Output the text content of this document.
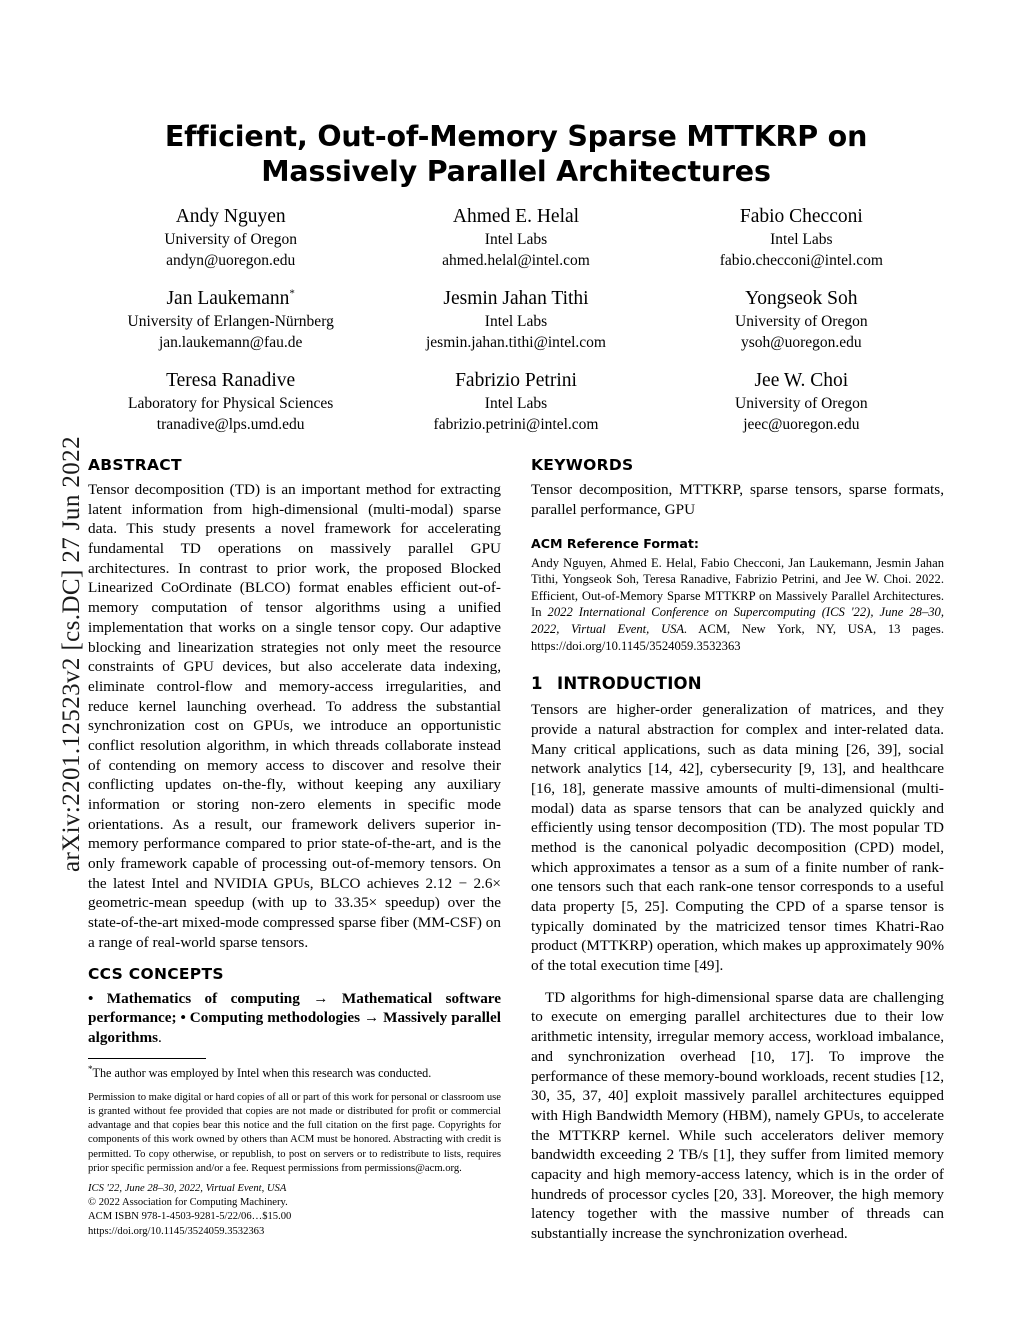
arXiv:2201.12523v2 [cs.DC] 27 Jun 2022
Efficient, Out-of-Memory Sparse MTTKRP on Massively Parallel Architectures
Andy Nguyen
University of Oregon
andyn@uoregon.edu
Ahmed E. Helal
Intel Labs
ahmed.helal@intel.com
Fabio Checconi
Intel Labs
fabio.checconi@intel.com
Jan Laukemann*
University of Erlangen-Nürnberg
jan.laukemann@fau.de
Jesmin Jahan Tithi
Intel Labs
jesmin.jahan.tithi@intel.com
Yongseok Soh
University of Oregon
ysoh@uoregon.edu
Teresa Ranadive
Laboratory for Physical Sciences
tranadive@lps.umd.edu
Fabrizio Petrini
Intel Labs
fabrizio.petrini@intel.com
Jee W. Choi
University of Oregon
jeec@uoregon.edu
ABSTRACT

Tensor decomposition (TD) is an important method for extracting latent information from high-dimensional (multi-modal) sparse data. This study presents a novel framework for accelerating fundamental TD operations on massively parallel GPU architectures. In contrast to prior work, the proposed Blocked Linearized CoOrdinate (BLCO) format enables efficient out-of-memory computation of tensor algorithms using a unified implementation that works on a single tensor copy. Our adaptive blocking and linearization strategies not only meet the resource constraints of GPU devices, but also accelerate data indexing, eliminate control-flow and memory-access irregularities, and reduce kernel launching overhead. To address the substantial synchronization cost on GPUs, we introduce an opportunistic conflict resolution algorithm, in which threads collaborate instead of contending on memory access to discover and resolve their conflicting updates on-the-fly, without keeping any auxiliary information or storing non-zero elements in specific mode orientations. As a result, our framework delivers superior in-memory performance compared to prior state-of-the-art, and is the only framework capable of processing out-of-memory tensors. On the latest Intel and NVIDIA GPUs, BLCO achieves 2.12 − 2.6× geometric-mean speedup (with up to 33.35× speedup) over the state-of-the-art mixed-mode compressed sparse fiber (MM-CSF) on a range of real-world sparse tensors.

CCS CONCEPTS

• Mathematics of computing → Mathematical software performance; • Computing methodologies → Massively parallel algorithms.

*The author was employed by Intel when this research was conducted.

Permission to make digital or hard copies of all or part of this work for personal or classroom use is granted without fee provided that copies are not made or distributed for profit or commercial advantage and that copies bear this notice and the full citation on the first page. Copyrights for components of this work owned by others than ACM must be honored. Abstracting with credit is permitted. To copy otherwise, or republish, to post on servers or to redistribute to lists, requires prior specific permission and/or a fee. Request permissions from permissions@acm.org.
ICS '22, June 28–30, 2022, Virtual Event, USA
© 2022 Association for Computing Machinery.
ACM ISBN 978-1-4503-9281-5/22/06…$15.00
https://doi.org/10.1145/3524059.3532363
KEYWORDS

Tensor decomposition, MTTKRP, sparse tensors, sparse formats, parallel performance, GPU

ACM Reference Format:

Andy Nguyen, Ahmed E. Helal, Fabio Checconi, Jan Laukemann, Jesmin Jahan Tithi, Yongseok Soh, Teresa Ranadive, Fabrizio Petrini, and Jee W. Choi. 2022. Efficient, Out-of-Memory Sparse MTTKRP on Massively Parallel Architectures. In 2022 International Conference on Supercomputing (ICS '22), June 28–30, 2022, Virtual Event, USA. ACM, New York, NY, USA, 13 pages. https://doi.org/10.1145/3524059.3532363

1 INTRODUCTION

Tensors are higher-order generalization of matrices, and they provide a natural abstraction for complex and inter-related data. Many critical applications, such as data mining [26, 39], social network analytics [14, 42], cybersecurity [9, 13], and healthcare [16, 18], generate massive amounts of multi-dimensional (multi-modal) data as sparse tensors that can be analyzed quickly and efficiently using tensor decomposition (TD). The most popular TD method is the canonical polyadic decomposition (CPD) model, which approximates a tensor as a sum of a finite number of rank-one tensors such that each rank-one tensor corresponds to a useful data property [5, 25]. Computing the CPD of a sparse tensor is typically dominated by the matricized tensor times Khatri-Rao product (MTTKRP) operation, which makes up approximately 90% of the total execution time [49].

TD algorithms for high-dimensional sparse data are challenging to execute on emerging parallel architectures due to their low arithmetic intensity, irregular memory access, workload imbalance, and synchronization overhead [10, 17]. To improve the performance of these memory-bound workloads, recent studies [12, 30, 35, 37, 40] exploit massively parallel architectures equipped with High Bandwidth Memory (HBM), namely GPUs, to accelerate the MTTKRP kernel. While such accelerators deliver memory bandwidth exceeding 2 TB/s [1], they suffer from limited memory capacity and high memory-access latency, which is in the order of hundreds of processor cycles [20, 33]. Moreover, the high memory latency together with the massive number of threads can substantially increase the synchronization overhead.
